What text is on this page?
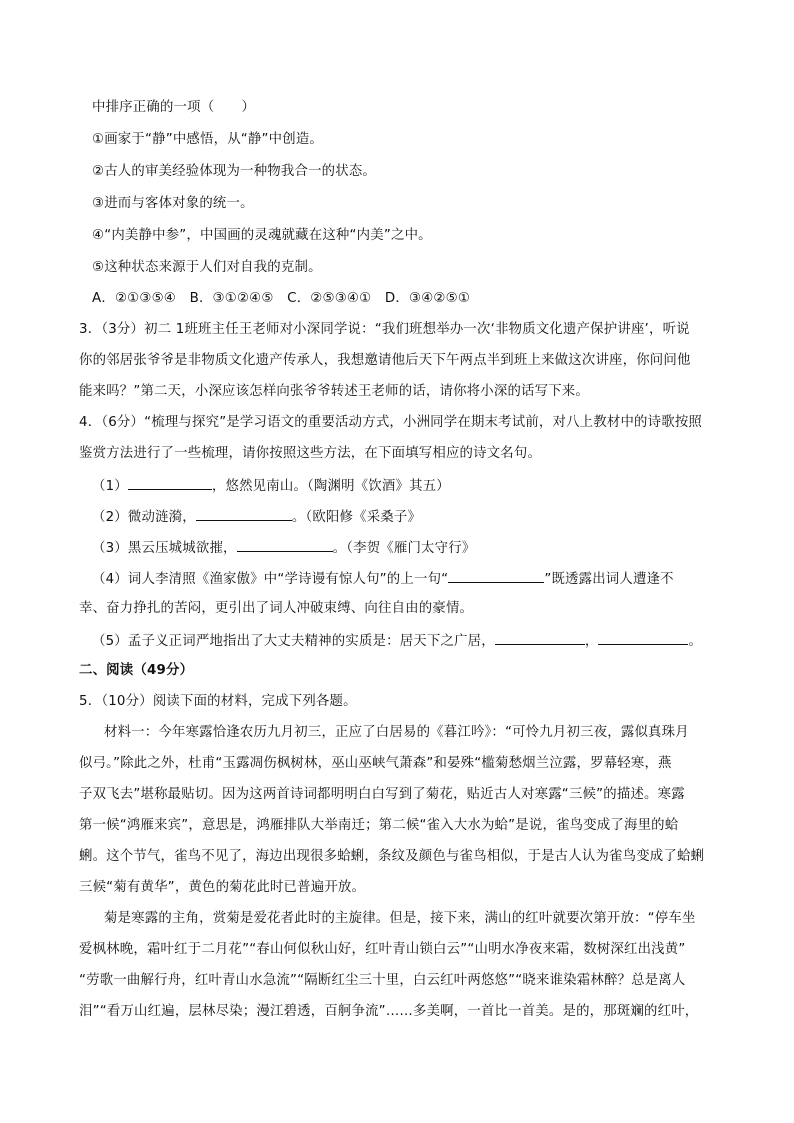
中排序正确的一项（　　）
①画家于“静”中感悟，从“静”中创造。
②古人的审美经验体现为一种物我合一的状态。
③进而与客体对象的统一。
④“内美静中参”，中国画的灵魂就藏在这种“内美”之中。
⑤这种状态来源于人们对自我的克制。
A．②①③⑤④　B．③①②④⑤　C．②⑤③④①　D．③④②⑤①
3．（3分）初二 1班班主任王老师对小深同学说：“我们班想举办一次‘非物质文化遗产保护讲座’，听说
你的邻居张爷爷是非物质文化遗产传承人，我想邀请他后天下午两点半到班上来做这次讲座，你问问他
能来吗？”第二天，小深应该怎样向张爷爷转述王老师的话，请你将小深的话写下来。
4．（6分）“梳理与探究”是学习语文的重要活动方式，小洲同学在期末考试前，对八上教材中的诗歌按照
鉴赏方法进行了一些梳理，请你按照这些方法，在下面填写相应的诗文名句。
（1）	，悠然见南山。（陶渊明《饮酒》其五）
（2）微动涟漪，	。（欧阳修《采桑子》
（3）黑云压城城欲摧，	。（李贺《雁门太守行》
（4）词人李清照《渔家傲》中“学诗谩有惊人句”的上一句“	”既透露出词人遭逢不
幸、奋力挣扎的苦闷，更引出了词人冲破束缚、向往自由的豪情。
（5）孟子义正词严地指出了大丈夫精神的实质是：居天下之广居，	，	。
二、阅读（49分）
5．（10分）阅读下面的材料，完成下列各题。
材料一：今年寒露恰逢农历九月初三，正应了白居易的《暮江吟》：“可怜九月初三夜，露似真珠月
似弓。”除此之外，杜甫“玉露凋伤枫树林，巫山巫峡气萧森”和晏殊“槛菊愁烟兰泣露，罗幕轻寒，燕
子双飞去”堪称最贴切。因为这两首诗词都明明白白写到了菊花，贴近古人对寒露“三候”的描述。寒露
第一候“鸿雁来宾”，意思是，鸿雁排队大举南迁；第二候“雀入大水为蛤”是说，雀鸟变成了海里的蛤
蜊。这个节气，雀鸟不见了，海边出现很多蛤蜊，条纹及颜色与雀鸟相似，于是古人认为雀鸟变成了蛤蜊
三候“菊有黄华”，黄色的菊花此时已普遍开放。
菊是寒露的主角，赏菊是爱花者此时的主旋律。但是，接下来，满山的红叶就要次第开放：“停车坐
爱枫林晚，霜叶红于二月花”“春山何似秋山好，红叶青山锁白云”“山明水净夜来霜，数树深红出浅黄”
“劳歌一曲解行舟，红叶青山水急流”“隔断红尘三十里，白云红叶两悠悠”“晓来谁染霜林醉？总是离人
泪”“看万山红遍，层林尽染；漫江碧透，百舸争流”……多美啊，一首比一首美。是的，那斑斓的红叶，
